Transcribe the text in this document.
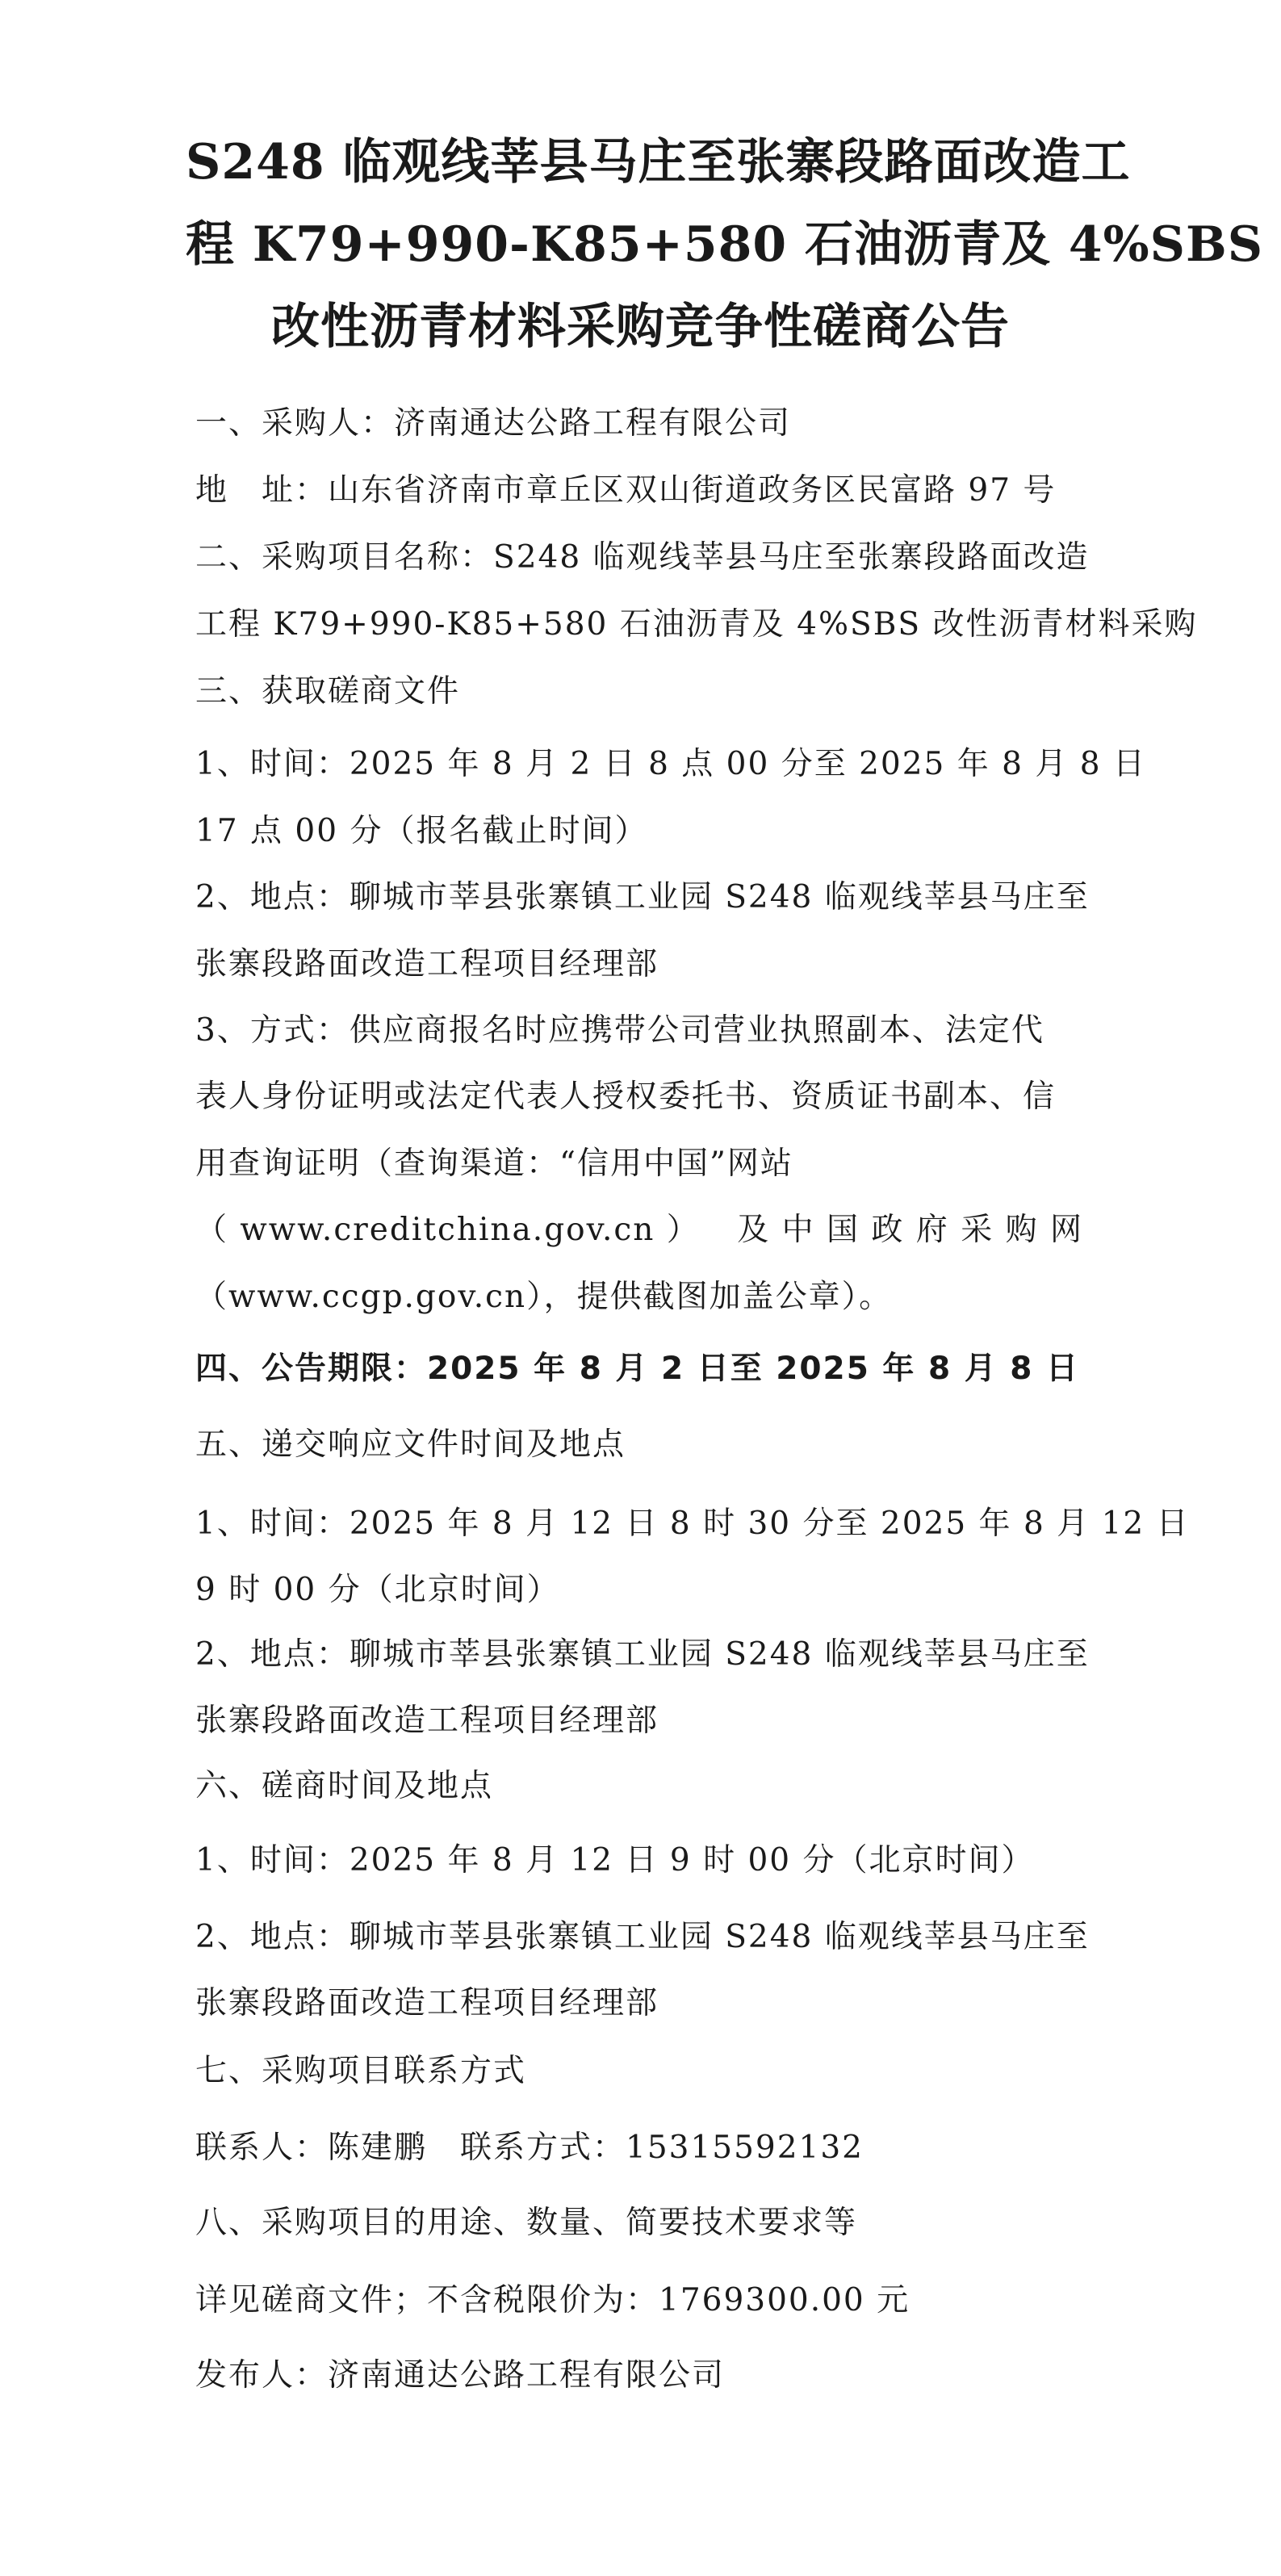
S248 临观线莘县马庄至张寨段路面改造工
程 K79+990-K85+580 石油沥青及 4%SBS
改性沥青材料采购竞争性磋商公告
一、采购人：济南通达公路工程有限公司
地　址：山东省济南市章丘区双山街道政务区民富路 97 号
二、采购项目名称：S248 临观线莘县马庄至张寨段路面改造
工程 K79+990-K85+580 石油沥青及 4%SBS 改性沥青材料采购
三、获取磋商文件
1、时间：2025 年 8 月 2 日 8 点 00 分至 2025 年 8 月 8 日
17 点 00 分（报名截止时间）
2、地点：聊城市莘县张寨镇工业园 S248 临观线莘县马庄至
张寨段路面改造工程项目经理部
3、方式：供应商报名时应携带公司营业执照副本、法定代
表人身份证明或法定代表人授权委托书、资质证书副本、信
用查询证明（查询渠道：“信用中国”网站
（ www.creditchina.gov.cn ） 及 中 国 政 府 采 购 网
（www.ccgp.gov.cn），提供截图加盖公章）。
四、公告期限：2025 年 8 月 2 日至 2025 年 8 月 8 日
五、递交响应文件时间及地点
1、时间：2025 年 8 月 12 日 8 时 30 分至 2025 年 8 月 12 日
9 时 00 分（北京时间）
2、地点：聊城市莘县张寨镇工业园 S248 临观线莘县马庄至
张寨段路面改造工程项目经理部
六、磋商时间及地点
1、时间：2025 年 8 月 12 日 9 时 00 分（北京时间）
2、地点：聊城市莘县张寨镇工业园 S248 临观线莘县马庄至
张寨段路面改造工程项目经理部
七、采购项目联系方式
联系人：陈建鹏　联系方式：15315592132
八、采购项目的用途、数量、简要技术要求等
详见磋商文件；不含税限价为：1769300.00 元
发布人：济南通达公路工程有限公司
